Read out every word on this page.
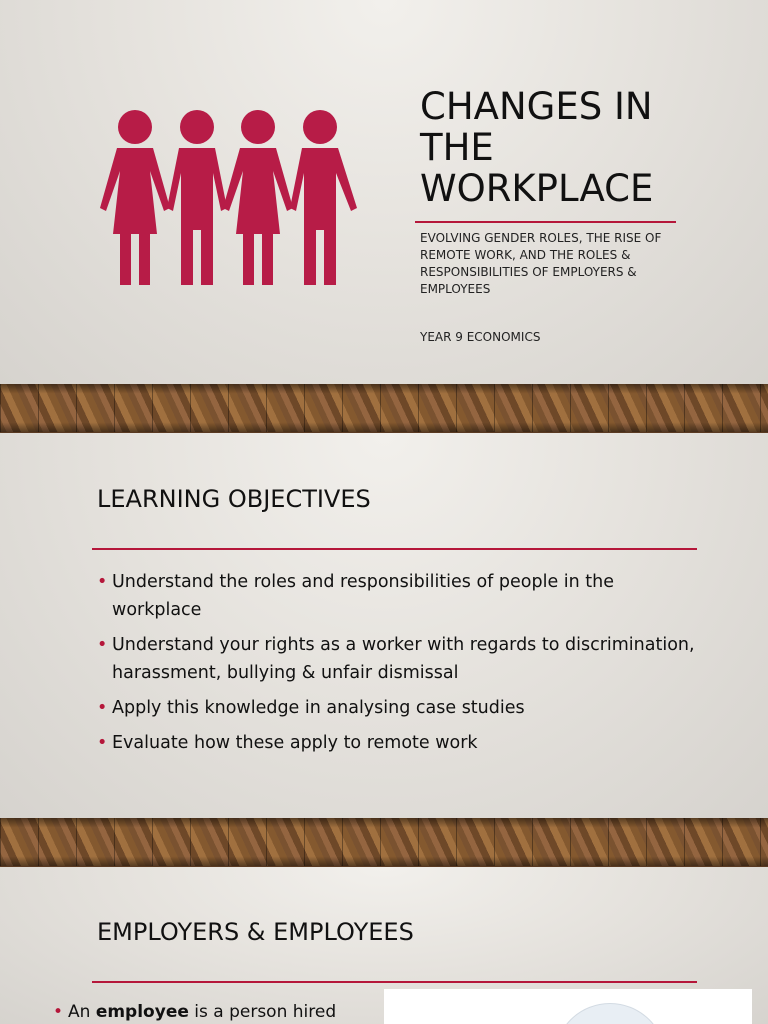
CHANGES IN THE WORKPLACE

EVOLVING GENDER ROLES, THE RISE OF REMOTE WORK, AND THE ROLES & RESPONSIBILITIES OF EMPLOYERS & EMPLOYEES

YEAR 9 ECONOMICS

LEARNING OBJECTIVES
• Understand the roles and responsibilities of people in the workplace
• Understand your rights as a worker with regards to discrimination, harassment, bullying & unfair dismissal
• Apply this knowledge in analysing case studies
• Evaluate how these apply to remote work
EMPLOYERS & EMPLOYEES
• An employee is a person hired
